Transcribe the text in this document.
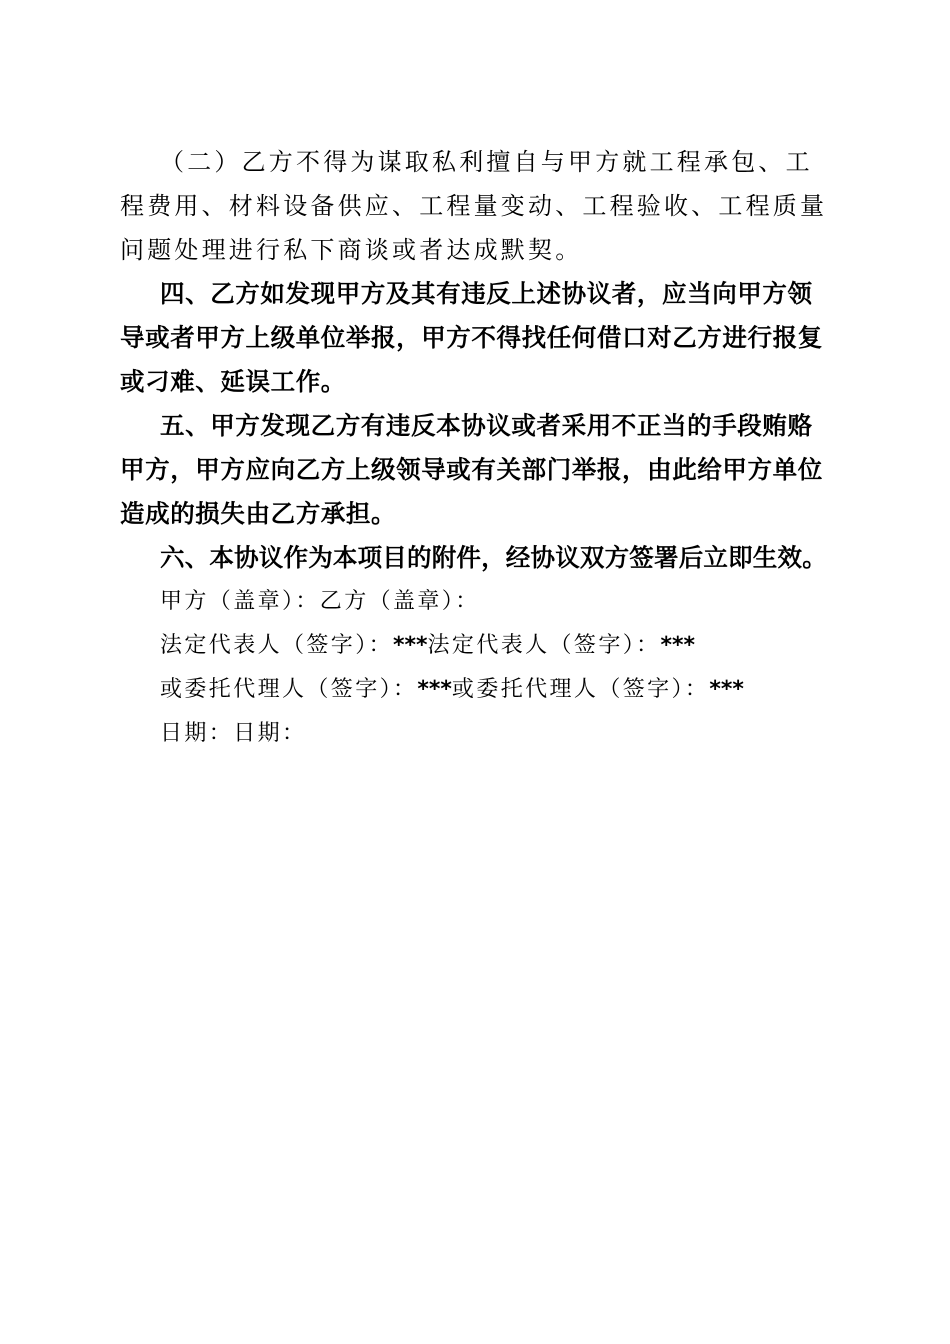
（二）乙方不得为谋取私利擅自与甲方就工程承包、工程费用、材料设备供应、工程量变动、工程验收、工程质量问题处理进行私下商谈或者达成默契。

四、乙方如发现甲方及其有违反上述协议者，应当向甲方领导或者甲方上级单位举报，甲方不得找任何借口对乙方进行报复或刁难、延误工作。

五、甲方发现乙方有违反本协议或者采用不正当的手段贿赂甲方，甲方应向乙方上级领导或有关部门举报，由此给甲方单位造成的损失由乙方承担。

六、本协议作为本项目的附件，经协议双方签署后立即生效。

甲方（盖章）：乙方（盖章）：

法定代表人（签字）：***法定代表人（签字）：***

或委托代理人（签字）：***或委托代理人（签字）：***

日期：日期：
